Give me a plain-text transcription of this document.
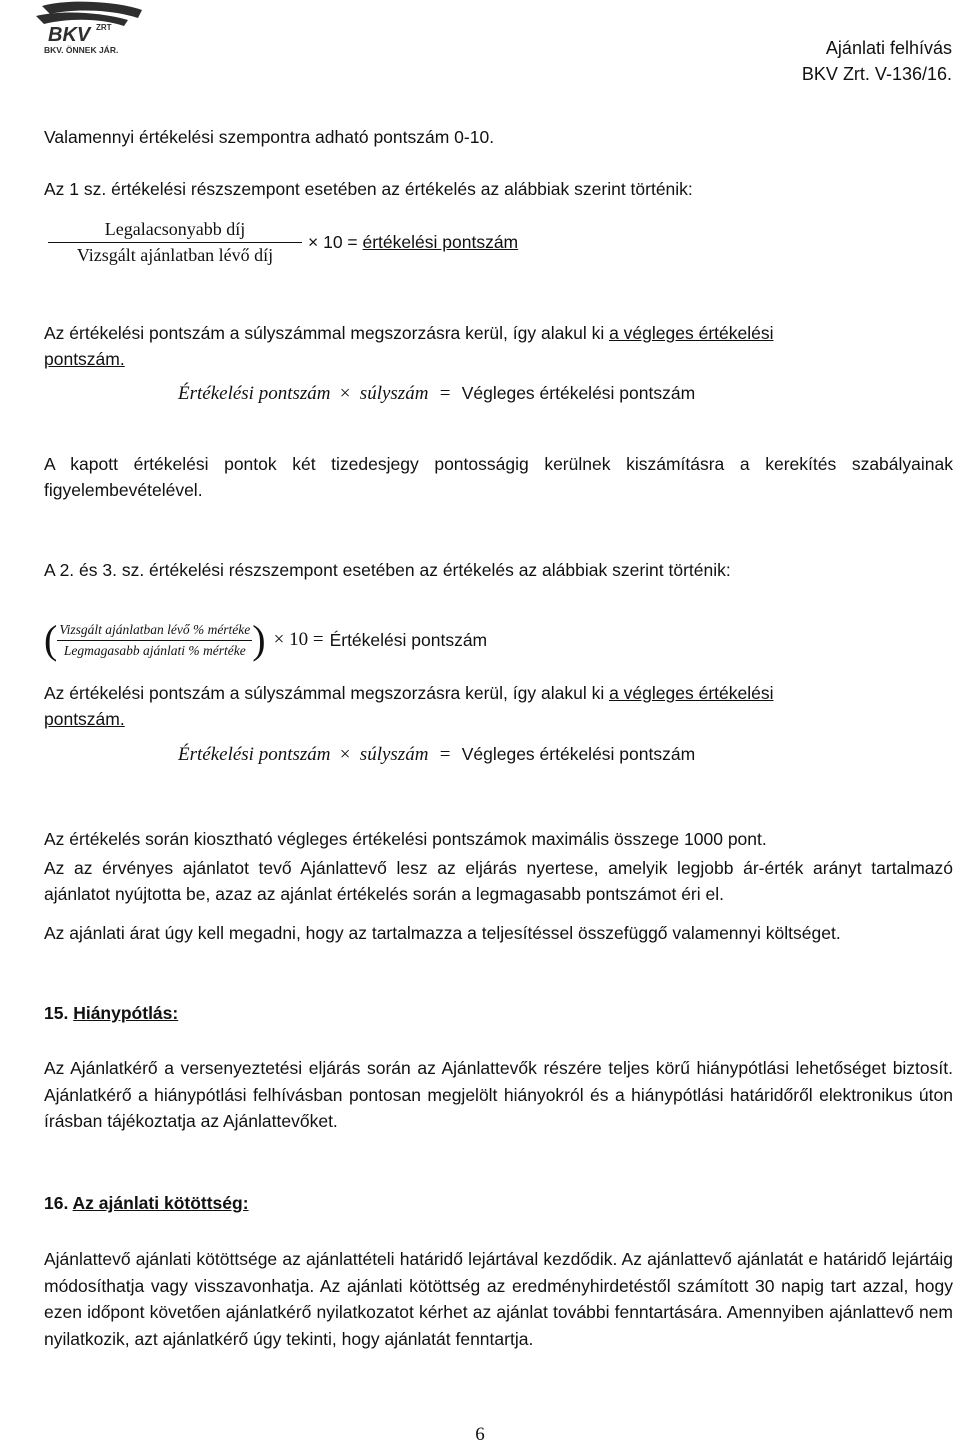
BKV ZRT
BKV. ÖNNEK JÁR.	Ajánlati felhívás
BKV Zrt. V-136/16.
Valamennyi értékelési szempontra adható pontszám 0-10.
Az 1 sz. értékelési részszempont esetében az értékelés az alábbiak szerint történik:
$\frac{\text{Legalacsonyabb díj}}{\text{Vizsgált ajánlatban lévő díj}} \times 10$ = értékelési pontszám
Az értékelési pontszám a súlyszámmal megszorzásra kerül, így alakul ki a végleges értékelési
pontszám.
Értékelési pontszám × súlyszám = Végleges értékelési pontszám
A kapott értékelési pontok két tizedesjegy pontosságig kerülnek kiszámításra a kerekítés szabályainak figyelembevételével.
A 2. és 3. sz. értékelési részszempont esetében az értékelés az alábbiak szerint történik:
( $\frac{\text{Vizsgált ajánlatban lévő \% mértéke}}{\text{Legmagasabb ajánlati \% mértéke}}$ ) × 10 = Értékelési pontszám
Az értékelési pontszám a súlyszámmal megszorzásra kerül, így alakul ki a végleges értékelési
pontszám.
Értékelési pontszám × súlyszám = Végleges értékelési pontszám
Az értékelés során kiosztható végleges értékelési pontszámok maximális összege 1000 pont.
Az az érvényes ajánlatot tevő Ajánlattevő lesz az eljárás nyertese, amelyik legjobb ár-érték arányt tartalmazó ajánlatot nyújtotta be, azaz az ajánlat értékelés során a legmagasabb pontszámot éri el.
Az ajánlati árat úgy kell megadni, hogy az tartalmazza a teljesítéssel összefüggő valamennyi költséget.
15. Hiánypótlás:
Az Ajánlatkérő a versenyeztetési eljárás során az Ajánlattevők részére teljes körű hiánypótlási lehetőséget biztosít. Ajánlatkérő a hiánypótlási felhívásban pontosan megjelölt hiányokról és a hiánypótlási határidőről elektronikus úton írásban tájékoztatja az Ajánlattevőket.
16. Az ajánlati kötöttség:
Ajánlattevő ajánlati kötöttsége az ajánlattételi határidő lejártával kezdődik. Az ajánlattevő ajánlatát e határidő lejártáig módosíthatja vagy visszavonhatja. Az ajánlati kötöttség az eredményhirdetéstől számított 30 napig tart azzal, hogy ezen időpont követően ajánlatkérő nyilatkozatot kérhet az ajánlat további fenntartására. Amennyiben ajánlattevő nem nyilatkozik, azt ajánlatkérő úgy tekinti, hogy ajánlatát fenntartja.
6
